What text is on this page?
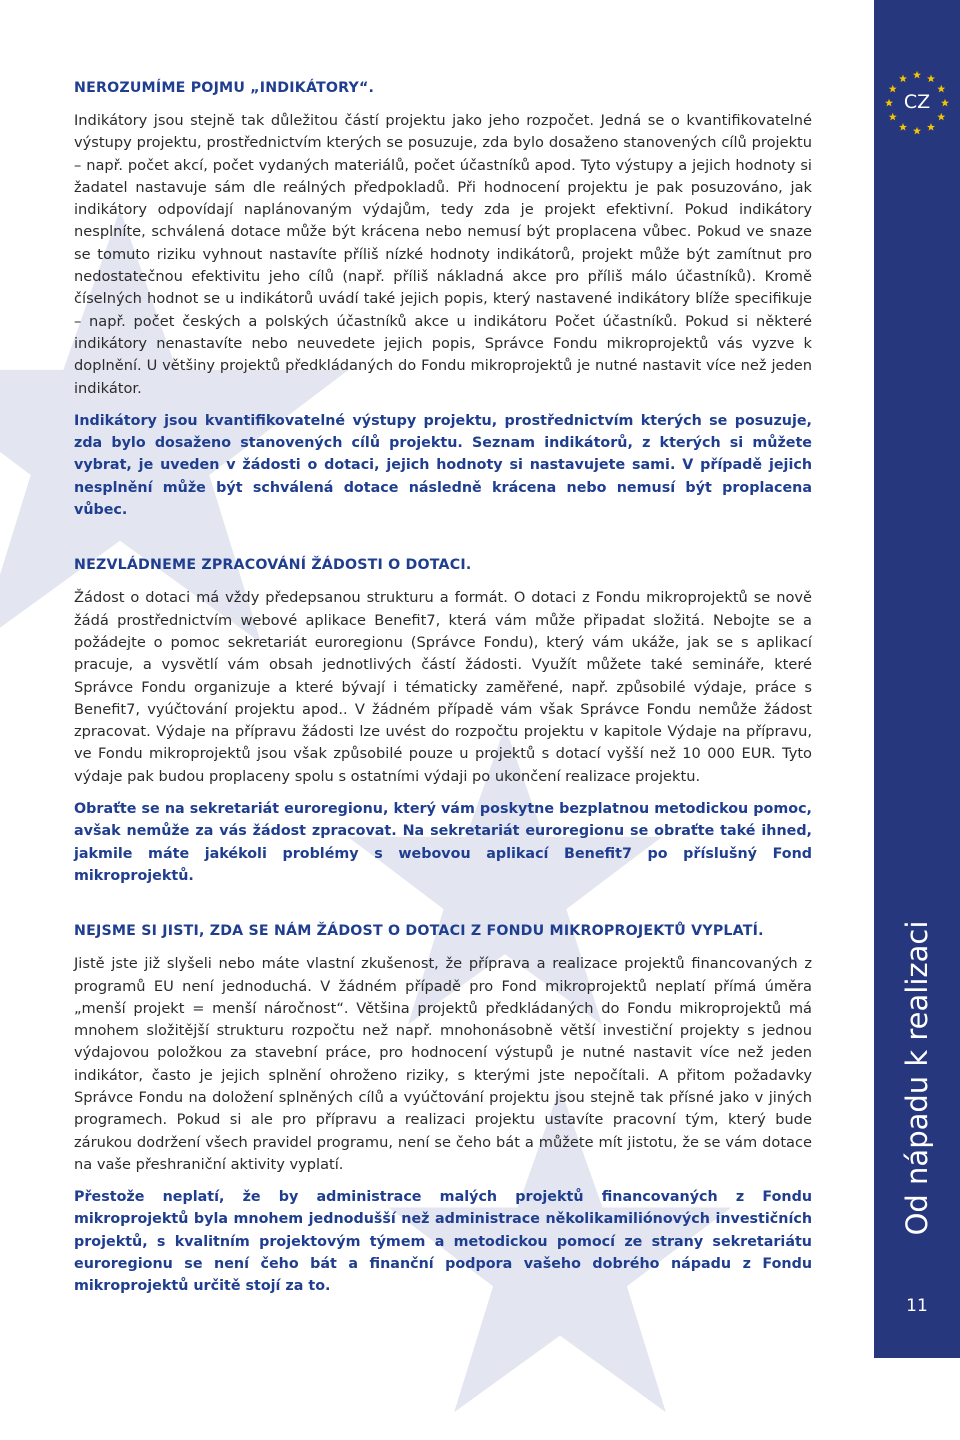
NEROZUMÍME POJMU „INDIKÁTORY“.

Indikátory jsou stejně tak důležitou částí projektu jako jeho rozpočet. Jedná se o kvantifikovatelné výstupy projektu, prostřednictvím kterých se posuzuje, zda bylo dosaženo stanovených cílů projektu – např. počet akcí, počet vydaných materiálů, počet účastníků apod. Tyto výstupy a jejich hodnoty si žadatel nastavuje sám dle reálných předpokladů. Při hodnocení projektu je pak posuzováno, jak indikátory odpovídají naplánovaným výdajům, tedy zda je projekt efektivní. Pokud indikátory nesplníte, schválená dotace může být krácena nebo nemusí být proplacena vůbec. Pokud ve snaze se tomuto riziku vyhnout nastavíte příliš nízké hodnoty indikátorů, projekt může být zamítnut pro nedostatečnou efektivitu jeho cílů (např. příliš nákladná akce pro příliš málo účastníků). Kromě číselných hodnot se u indikátorů uvádí také jejich popis, který nastavené indikátory blíže specifikuje – např. počet českých a polských účastníků akce u indikátoru Počet účastníků. Pokud si některé indikátory nenastavíte nebo neuvedete jejich popis, Správce Fondu mikroprojektů vás vyzve k doplnění. U většiny projektů předkládaných do Fondu mikroprojektů je nutné nastavit více než jeden indikátor.

Indikátory jsou kvantifikovatelné výstupy projektu, prostřednictvím kterých se posuzuje, zda bylo dosaženo stanovených cílů projektu. Seznam indikátorů, z kterých si můžete vybrat, je uveden v žádosti o dotaci, jejich hodnoty si nastavujete sami. V případě jejich nesplnění může být schválená dotace následně krácena nebo nemusí být proplacena vůbec.

NEZVLÁDNEME ZPRACOVÁNÍ ŽÁDOSTI O DOTACI.

Žádost o dotaci má vždy předepsanou strukturu a formát. O dotaci z Fondu mikroprojektů se nově žádá prostřednictvím webové aplikace Benefit7, která vám může připadat složitá. Nebojte se a požádejte o pomoc sekretariát euroregionu (Správce Fondu), který vám ukáže, jak se s aplikací pracuje, a vysvětlí vám obsah jednotlivých částí žádosti. Využít můžete také semináře, které Správce Fondu organizuje a které bývají i tématicky zaměřené, např. způsobilé výdaje, práce s Benefit7, vyúčtování projektu apod.. V žádném případě vám však Správce Fondu nemůže žádost zpracovat. Výdaje na přípravu žádosti lze uvést do rozpočtu projektu v kapitole Výdaje na přípravu, ve Fondu mikroprojektů jsou však způsobilé pouze u projektů s dotací vyšší než 10 000 EUR. Tyto výdaje pak budou proplaceny spolu s ostatními výdaji po ukončení realizace projektu.

Obraťte se na sekretariát euroregionu, který vám poskytne bezplatnou metodickou pomoc, avšak nemůže za vás žádost zpracovat. Na sekretariát euroregionu se obraťte také ihned, jakmile máte jakékoli problémy s webovou aplikací Benefit7 po příslušný Fond mikroprojektů.

NEJSME SI JISTI, ZDA SE NÁM ŽÁDOST O DOTACI Z FONDU MIKROPROJEKTŮ VYPLATÍ.

Jistě jste již slyšeli nebo máte vlastní zkušenost, že příprava a realizace projektů financovaných z programů EU není jednoduchá. V žádném případě pro Fond mikroprojektů neplatí přímá úměra „menší projekt = menší náročnost“. Většina projektů předkládaných do Fondu mikroprojektů má mnohem složitější strukturu rozpočtu než např. mnohonásobně větší investiční projekty s jednou výdajovou položkou za stavební práce, pro hodnocení výstupů je nutné nastavit více než jeden indikátor, často je jejich splnění ohroženo riziky, s kterými jste nepočítali. A přitom požadavky Správce Fondu na doložení splněných cílů a vyúčtování projektu jsou stejně tak přísné jako v jiných programech. Pokud si ale pro přípravu a realizaci projektu ustavíte pracovní tým, který bude zárukou dodržení všech pravidel programu, není se čeho bát a můžete mít jistotu, že se vám dotace na vaše přeshraniční aktivity vyplatí.

Přestože neplatí, že by administrace malých projektů financovaných z Fondu mikroprojektů byla mnohem jednodušší než administrace několikamiliónových investičních projektů, s kvalitním projektovým týmem a metodickou pomocí ze strany sekretariátu euroregionu se není čeho bát a finanční podpora vašeho dobrého nápadu z Fondu mikroprojektů určitě stojí za to.

CZ
Od nápadu k realizaci
11
